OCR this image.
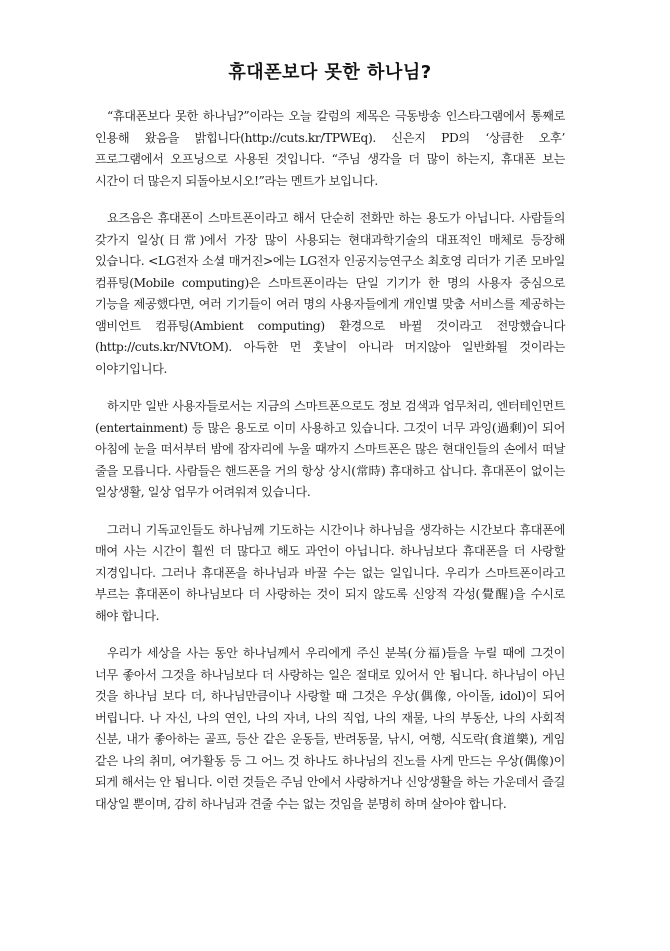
휴대폰보다 못한 하나님?

“휴대폰보다 못한 하나님?”이라는 오늘 칼럼의 제목은 극동방송 인스타그램에서 통째로 인용해 왔음을 밝힙니다(http://cuts.kr/TPWEq). 신은지 PD의 ‘상큼한 오후’ 프로그램에서 오프닝으로 사용된 것입니다. “주님 생각을 더 많이 하는지, 휴대폰 보는 시간이 더 많은지 되돌아보시오!”라는 멘트가 보입니다.

요즈음은 휴대폰이 스마트폰이라고 해서 단순히 전화만 하는 용도가 아닙니다. 사람들의 갖가지 일상(日常)에서 가장 많이 사용되는 현대과학기술의 대표적인 매체로 등장해 있습니다. <LG전자 소셜 매거진>에는 LG전자 인공지능연구소 최호영 리더가 기존 모바일 컴퓨팅(Mobile computing)은 스마트폰이라는 단일 기기가 한 명의 사용자 중심으로 기능을 제공했다면, 여러 기기들이 여러 명의 사용자들에게 개인별 맞춤 서비스를 제공하는 앰비언트 컴퓨팅(Ambient computing) 환경으로 바뀔 것이라고 전망했습니다(http://cuts.kr/NVtOM). 아득한 먼 훗날이 아니라 머지않아 일반화될 것이라는 이야기입니다.

하지만 일반 사용자들로서는 지금의 스마트폰으로도 정보 검색과 업무처리, 엔터테인먼트(entertainment) 등 많은 용도로 이미 사용하고 있습니다. 그것이 너무 과잉(過剩)이 되어 아침에 눈을 떠서부터 밤에 잠자리에 누울 때까지 스마트폰은 많은 현대인들의 손에서 떠날 줄을 모릅니다. 사람들은 핸드폰을 거의 항상 상시(常時) 휴대하고 삽니다. 휴대폰이 없이는 일상생활, 일상 업무가 어려워져 있습니다.

그러니 기독교인들도 하나님께 기도하는 시간이나 하나님을 생각하는 시간보다 휴대폰에 매여 사는 시간이 훨씬 더 많다고 해도 과언이 아닙니다. 하나님보다 휴대폰을 더 사랑할 지경입니다. 그러나 휴대폰을 하나님과 바꿀 수는 없는 일입니다. 우리가 스마트폰이라고 부르는 휴대폰이 하나님보다 더 사랑하는 것이 되지 않도록 신앙적 각성(覺醒)을 수시로 해야 합니다.

우리가 세상을 사는 동안 하나님께서 우리에게 주신 분복(分福)들을 누릴 때에 그것이 너무 좋아서 그것을 하나님보다 더 사랑하는 일은 절대로 있어서 안 됩니다. 하나님이 아닌 것을 하나님 보다 더, 하나님만큼이나 사랑할 때 그것은 우상(偶像, 아이돌, idol)이 되어 버립니다. 나 자신, 나의 연인, 나의 자녀, 나의 직업, 나의 재물, 나의 부동산, 나의 사회적 신분, 내가 좋아하는 골프, 등산 같은 운동들, 반려동물, 낚시, 여행, 식도락(食道樂), 게임 같은 나의 취미, 여가활동 등 그 어느 것 하나도 하나님의 진노를 사게 만드는 우상(偶像)이 되게 해서는 안 됩니다. 이런 것들은 주님 안에서 사랑하거나 신앙생활을 하는 가운데서 즐길 대상일 뿐이며, 감히 하나님과 견줄 수는 없는 것임을 분명히 하며 살아야 합니다.
